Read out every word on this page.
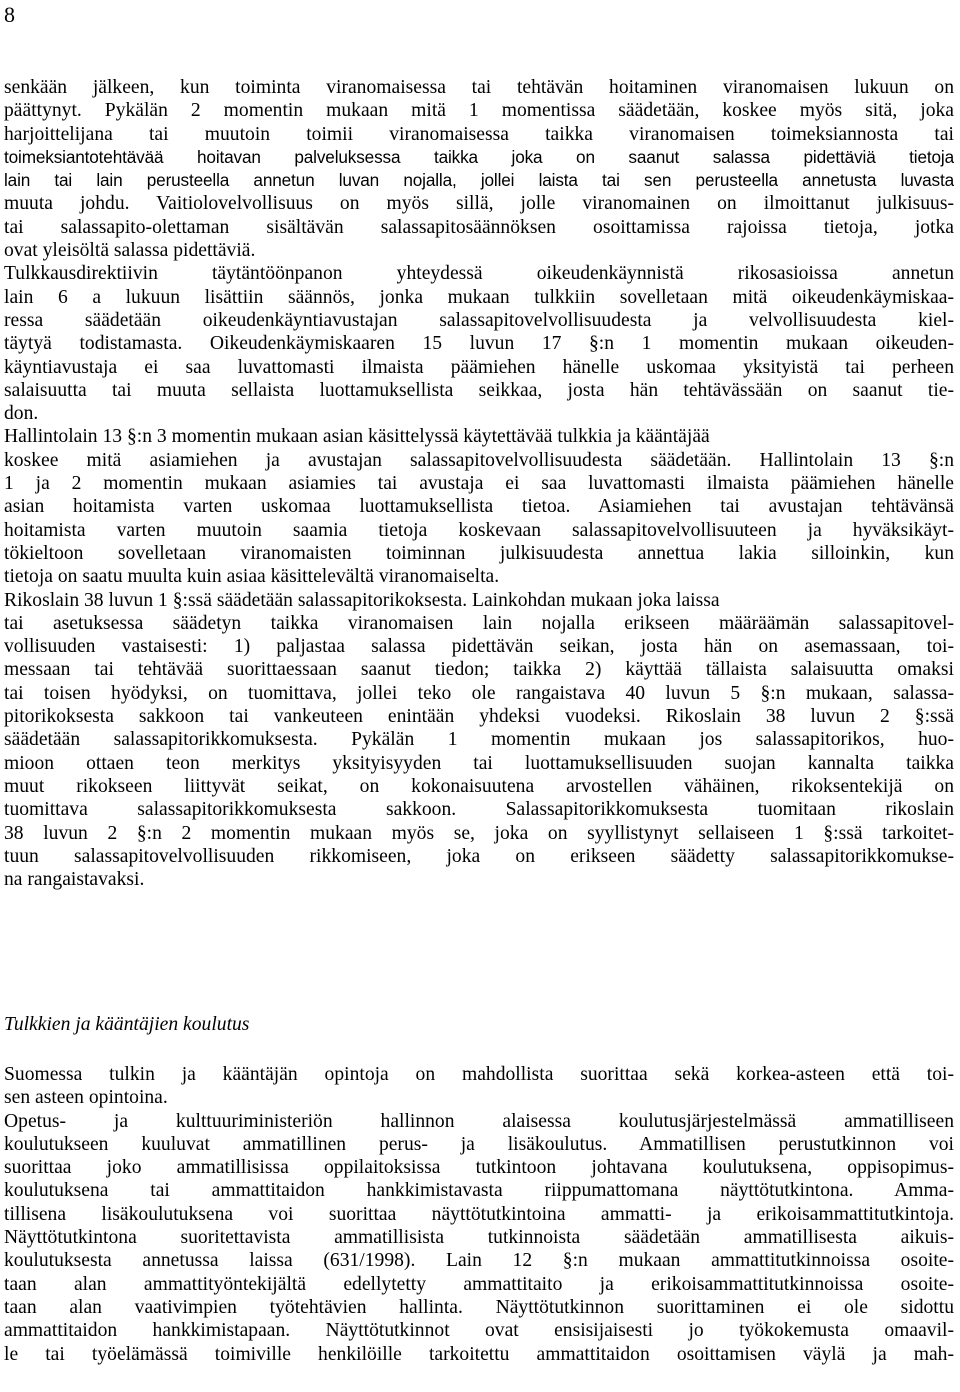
8
senkään jälkeen, kun toiminta viranomaisessa tai tehtävän hoitaminen viranomaisen lukuun on
päättynyt. Pykälän 2 momentin mukaan mitä 1 momentissa säädetään, koskee myös sitä, joka
harjoittelijana tai muutoin toimii viranomaisessa taikka viranomaisen toimeksiannosta tai
toimeksiantotehtävää hoitavan palveluksessa taikka joka on saanut salassa pidettäviä tietoja
lain tai lain perusteella annetun luvan nojalla, jollei laista tai sen perusteella annetusta luvasta
muuta johdu. Vaitiolovelvollisuus on myös sillä, jolle viranomainen on ilmoittanut julkisuus-
tai salassapito-olettaman sisältävän salassapitosäännöksen osoittamissa rajoissa tietoja, jotka
ovat yleisöltä salassa pidettäviä.
Tulkkausdirektiivin täytäntöönpanon yhteydessä oikeudenkäynnistä rikosasioissa annetun
lain 6 a lukuun lisättiin säännös, jonka mukaan tulkkiin sovelletaan mitä oikeudenkäymiskaa-
ressa säädetään oikeudenkäyntiavustajan salassapitovelvollisuudesta ja velvollisuudesta kiel-
täytyä todistamasta. Oikeudenkäymiskaaren 15 luvun 17 §:n 1 momentin mukaan oikeuden-
käyntiavustaja ei saa luvattomasti ilmaista päämiehen hänelle uskomaa yksityistä tai perheen
salaisuutta tai muuta sellaista luottamuksellista seikkaa, josta hän tehtävässään on saanut tie-
don.
Hallintolain 13 §:n 3 momentin mukaan asian käsittelyssä käytettävää tulkkia ja kääntäjää
koskee mitä asiamiehen ja avustajan salassapitovelvollisuudesta säädetään. Hallintolain 13 §:n
1 ja 2 momentin mukaan asiamies tai avustaja ei saa luvattomasti ilmaista päämiehen hänelle
asian hoitamista varten uskomaa luottamuksellista tietoa. Asiamiehen tai avustajan tehtävänsä
hoitamista varten muutoin saamia tietoja koskevaan salassapitovelvollisuuteen ja hyväksikäyt-
tökieltoon sovelletaan viranomaisten toiminnan julkisuudesta annettua lakia silloinkin, kun
tietoja on saatu muulta kuin asiaa käsittelevältä viranomaiselta.
Rikoslain 38 luvun 1 §:ssä säädetään salassapitorikoksesta. Lainkohdan mukaan joka laissa
tai asetuksessa säädetyn taikka viranomaisen lain nojalla erikseen määräämän salassapitovel-
vollisuuden vastaisesti: 1) paljastaa salassa pidettävän seikan, josta hän on asemassaan, toi-
messaan tai tehtävää suorittaessaan saanut tiedon; taikka 2) käyttää tällaista salaisuutta omaksi
tai toisen hyödyksi, on tuomittava, jollei teko ole rangaistava 40 luvun 5 §:n mukaan, salassa-
pitorikoksesta sakkoon tai vankeuteen enintään yhdeksi vuodeksi. Rikoslain 38 luvun 2 §:ssä
säädetään salassapitorikkomuksesta. Pykälän 1 momentin mukaan jos salassapitorikos, huo-
mioon ottaen teon merkitys yksityisyyden tai luottamuksellisuuden suojan kannalta taikka
muut rikokseen liittyvät seikat, on kokonaisuutena arvostellen vähäinen, rikoksentekijä on
tuomittava salassapitorikkomuksesta sakkoon. Salassapitorikkomuksesta tuomitaan rikoslain
38 luvun 2 §:n 2 momentin mukaan myös se, joka on syyllistynyt sellaiseen 1 §:ssä tarkoitet-
tuun salassapitovelvollisuuden rikkomiseen, joka on erikseen säädetty salassapitorikkomukse-
na rangaistavaksi.
Tulkkien ja kääntäjien koulutus
Suomessa tulkin ja kääntäjän opintoja on mahdollista suorittaa sekä korkea-asteen että toi-
sen asteen opintoina.
Opetus- ja kulttuuriministeriön hallinnon alaisessa koulutusjärjestelmässä ammatilliseen
koulutukseen kuuluvat ammatillinen perus- ja lisäkoulutus. Ammatillisen perustutkinnon voi
suorittaa joko ammatillisissa oppilaitoksissa tutkintoon johtavana koulutuksena, oppisopimus-
koulutuksena tai ammattitaidon hankkimistavasta riippumattomana näyttötutkintona. Amma-
tillisena lisäkoulutuksena voi suorittaa näyttötutkintoina ammatti- ja erikoisammattitutkintoja.
Näyttötutkintona suoritettavista ammatillisista tutkinnoista säädetään ammatillisesta aikuis-
koulutuksesta annetussa laissa (631/1998). Lain 12 §:n mukaan ammattitutkinnoissa osoite-
taan alan ammattityöntekijältä edellytetty ammattitaito ja erikoisammattitutkinnoissa osoite-
taan alan vaativimpien työtehtävien hallinta. Näyttötutkinnon suorittaminen ei ole sidottu
ammattitaidon hankkimistapaan. Näyttötutkinnot ovat ensisijaisesti jo työkokemusta omaavil-
le tai työelämässä toimiville henkilöille tarkoitettu ammattitaidon osoittamisen väylä ja mah-
